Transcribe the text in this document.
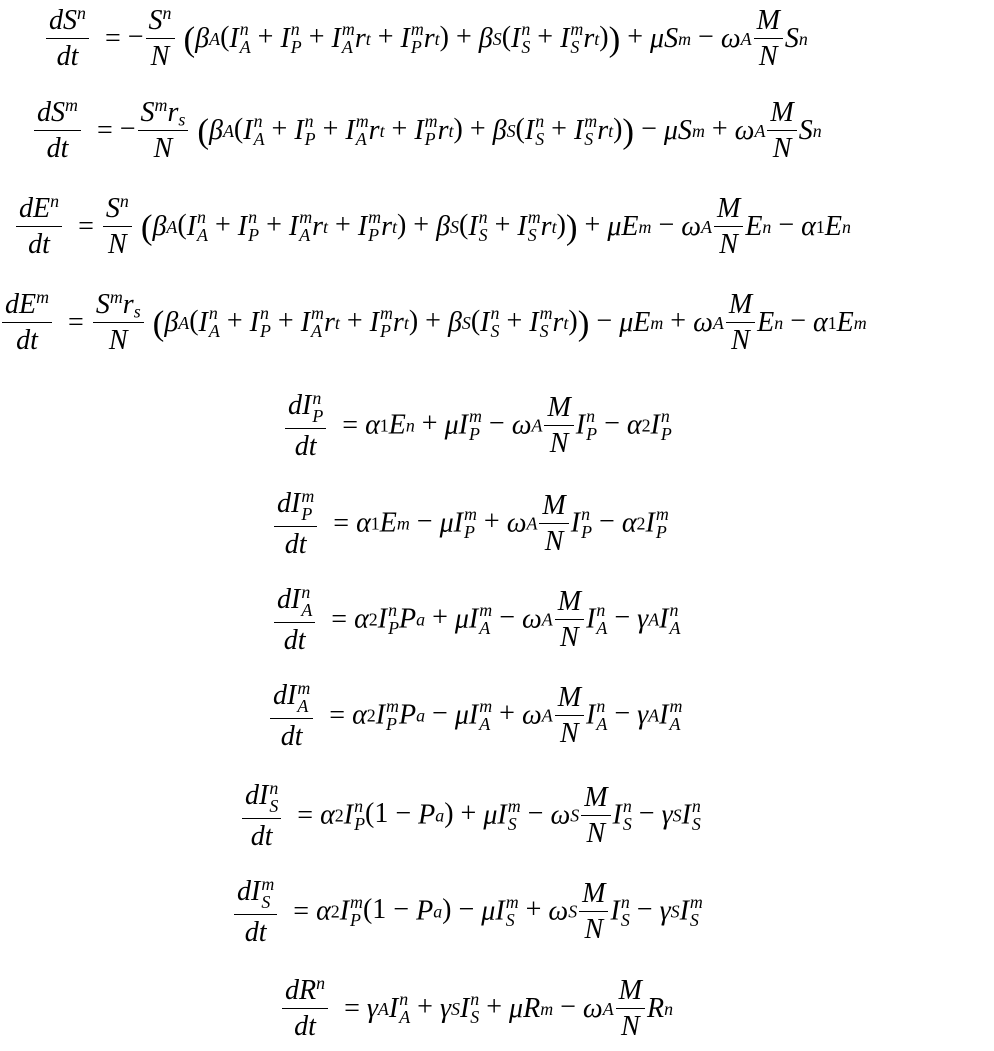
$\frac{dS^n}{dt}$ = − $\frac{S^n}{N} (\beta A(I$ n
A + I n
P + I m
A rt + I m
P rt) + βS(I n
S + I m
S rt)) + μSm − ωA $\frac{M}{N}$ Sn
$\frac{dS^m}{dt}$ = − $\frac{S^mr_s}{N} (\beta A(I$ n
A + I n
P + I m
A rt + I m
P rt) + βS(I n
S + I m
S rt)) − μSm + ωA $\frac{M}{N}$ Sn
$\frac{dE^n}{dt} = \frac{S^n}{N} (\beta A(I$ n
A + I n
P + I m
A rt + I m
P rt) + βS(I n
S + I m
S rt)) + μEm − ωA $\frac{M}{N}$ En − α1En
$\frac{dE^m}{dt} = \frac{S^mr_s}{N} (\beta A(I$ n
A + I n
P + I m
A rt + I m
P rt) + βS(I n
S + I m
S rt)) − μEm + ωA $\frac{M}{N}$ En − α1Em
dI n
P
dt = α1En + μI m
P − ωA $\frac{M}{N}$ I n
P − α2I n
P
dI m
P
dt = α1Em − μI m
P + ωA $\frac{M}{N}$ I n
P − α2I m
P
dI n
A
dt = α2I n
P Pa + μI m
A − ωA $\frac{M}{N}$ I n
A − γAI n
A
dI m
A
dt = α2I m
P Pa − μI m
A + ωA $\frac{M}{N}$ I n
A − γAI m
A
dI n
S
dt = α2I n
P (1 − Pa) + μI m
S − ωS $\frac{M}{N}$ I n
S − γSI n
S
dI m
S
dt = α2I m
P (1 − Pa) − μI m
S + ωS $\frac{M}{N}$ I n
S − γSI m
S
$\frac{dR^n}{dt} = \gamma AI$ n
A + γSI n
S + μRm − ωA $\frac{M}{N}$ Rn
